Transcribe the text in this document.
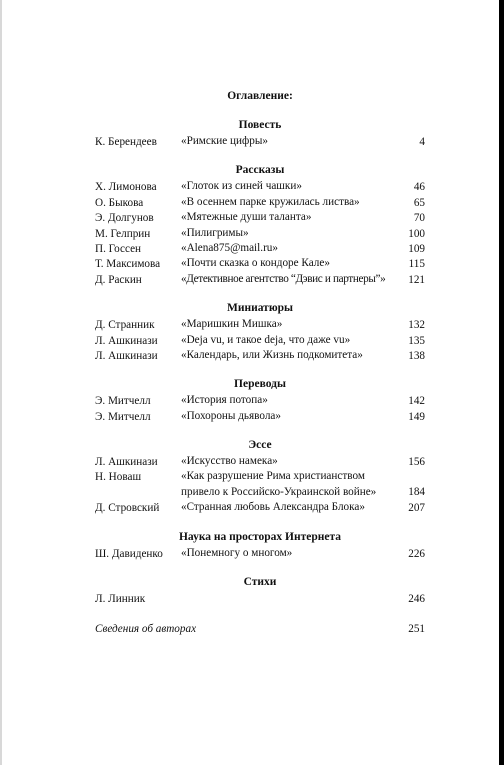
Оглавление:
Повесть
К. Берендеев	«Римские цифры»	4
Рассказы
Х. Лимонова	«Глоток из синей чашки»	46
О. Быкова	«В осеннем парке кружилась листва»	65
Э. Долгунов	«Мятежные души таланта»	70
М. Гелприн	«Пилигримы»	100
П. Госсен	«Alena875@mail.ru»	109
Т. Максимова	«Почти сказка о кондоре Кале»	115
Д. Раскин	«Детективное агентство “Дэвис и партнеры”»	121
Миниатюры
Д. Странник	«Маришкин Мишка»	132
Л. Ашкинази	«Deja vu, и такое deja, что даже vu»	135
Л. Ашкинази	«Календарь, или Жизнь подкомитета»	138
Переводы
Э. Митчелл	«История потопа»	142
Э. Митчелл	«Похороны дьявола»	149
Эссе
Л. Ашкинази	«Искусство намека»	156
Н. Новаш	«Как разрушение Рима христианством привело к Российско-Украинской войне»	184
Д. Стровский	«Странная любовь Александра Блока»	207
Наука на просторах Интернета
Ш. Давиденко	«Понемногу о многом»	226
Стихи
Л. Линник	246
Сведения об авторах	251
